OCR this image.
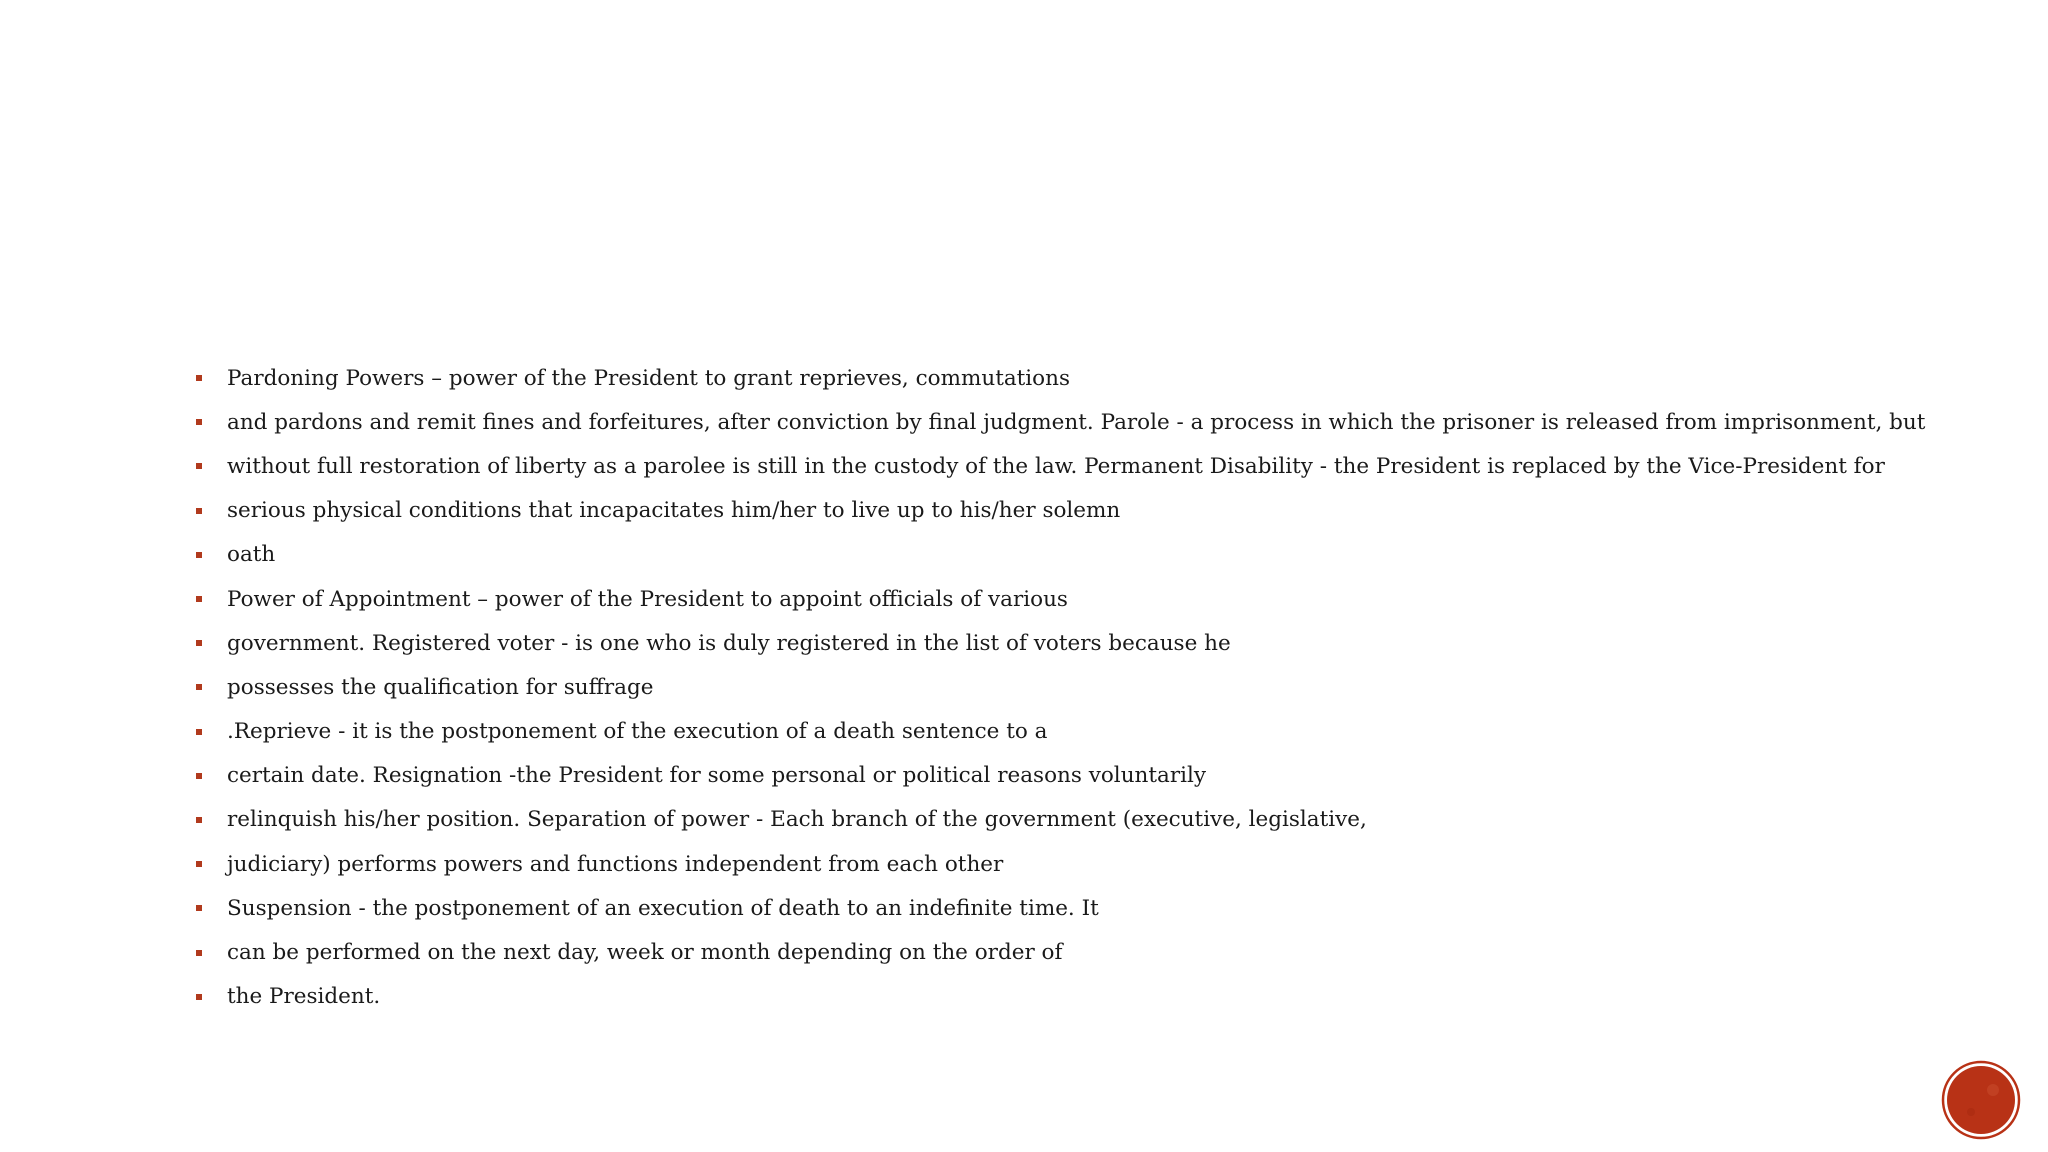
Pardoning Powers – power of the President to grant reprieves, commutations
and pardons and remit fines and forfeitures, after conviction by final judgment. Parole - a process in which the prisoner is released from imprisonment, but
without full restoration of liberty as a parolee is still in the custody of the law. Permanent Disability - the President is replaced by the Vice-President for
serious physical conditions that incapacitates him/her to live up to his/her solemn
oath
Power of Appointment – power of the President to appoint officials of various
government. Registered voter - is one who is duly registered in the list of voters because he
possesses the qualification for suffrage
.Reprieve - it is the postponement of the execution of a death sentence to a
certain date. Resignation -the President for some personal or political reasons voluntarily
relinquish his/her position. Separation of power - Each branch of the government (executive, legislative,
judiciary) performs powers and functions independent from each other
Suspension - the postponement of an execution of death to an indefinite time. It
can be performed on the next day, week or month depending on the order of
the President.
